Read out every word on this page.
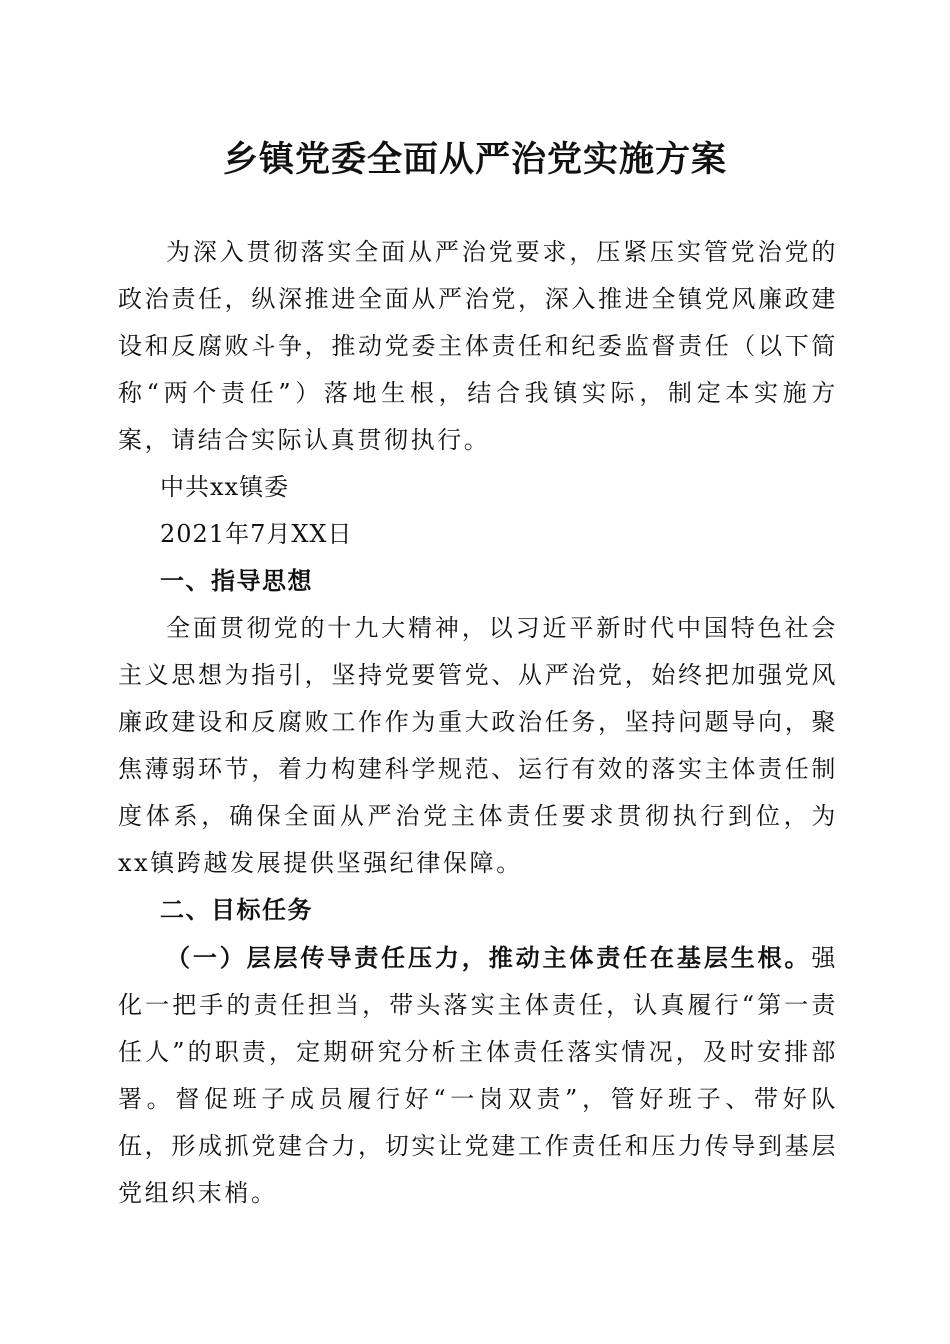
乡镇党委全面从严治党实施方案

为深入贯彻落实全面从严治党要求，压紧压实管党治党的政治责任，纵深推进全面从严治党，深入推进全镇党风廉政建设和反腐败斗争，推动党委主体责任和纪委监督责任（以下简称“两个责任”）落地生根，结合我镇实际，制定本实施方案，请结合实际认真贯彻执行。

中共xx镇委

2021年7月XX日

一、指导思想

全面贯彻党的十九大精神，以习近平新时代中国特色社会主义思想为指引，坚持党要管党、从严治党，始终把加强党风廉政建设和反腐败工作作为重大政治任务，坚持问题导向，聚焦薄弱环节，着力构建科学规范、运行有效的落实主体责任制度体系，确保全面从严治党主体责任要求贯彻执行到位，为xx镇跨越发展提供坚强纪律保障。

二、目标任务

（一）层层传导责任压力，推动主体责任在基层生根。强化一把手的责任担当，带头落实主体责任，认真履行“第一责任人”的职责，定期研究分析主体责任落实情况，及时安排部署。督促班子成员履行好“一岗双责”，管好班子、带好队伍，形成抓党建合力，切实让党建工作责任和压力传导到基层党组织末梢。
